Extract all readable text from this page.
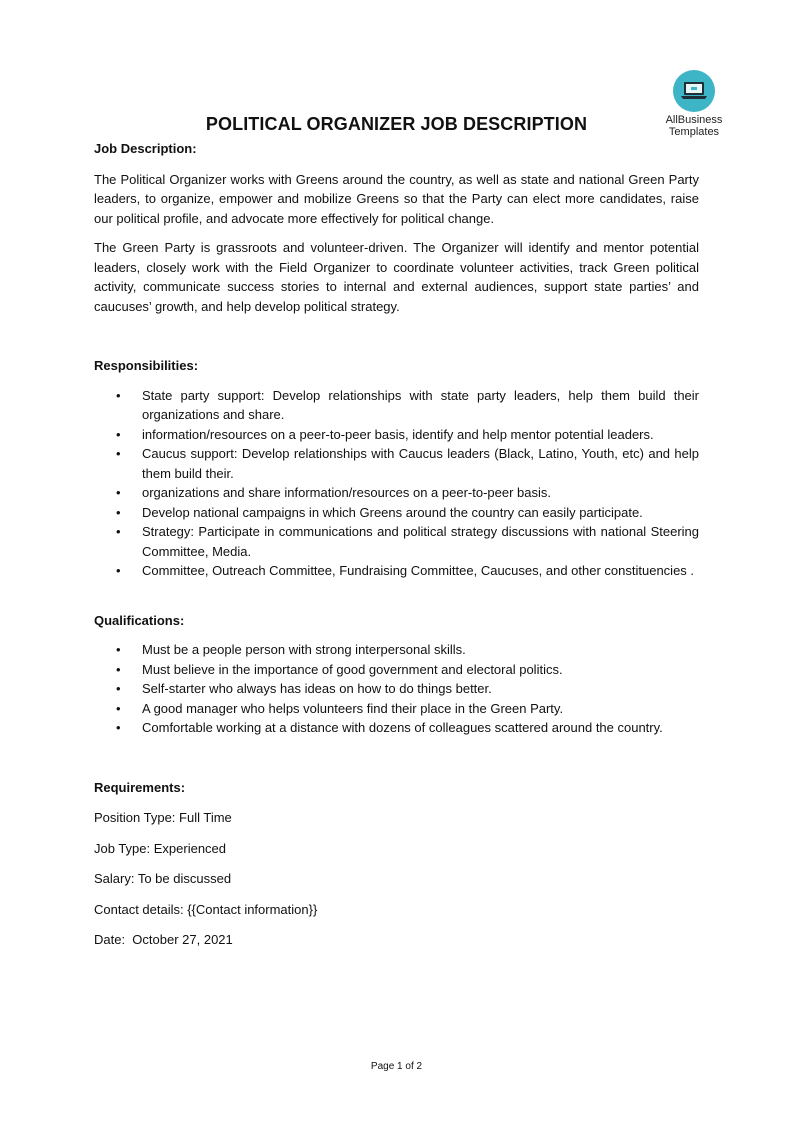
AllBusiness
Templates
POLITICAL ORGANIZER JOB DESCRIPTION

Job Description:

The Political Organizer works with Greens around the country, as well as state and national Green Party leaders, to organize, empower and mobilize Greens so that the Party can elect more candidates, raise our political profile, and advocate more effectively for political change.

The Green Party is grassroots and volunteer-driven. The Organizer will identify and mentor potential leaders, closely work with the Field Organizer to coordinate volunteer activities, track Green political activity, communicate success stories to internal and external audiences, support state parties’ and caucuses’ growth, and help develop political strategy.

Responsibilities:

• State party support: Develop relationships with state party leaders, help them build their organizations and share.
• information/resources on a peer-to-peer basis, identify and help mentor potential leaders.
• Caucus support: Develop relationships with Caucus leaders (Black, Latino, Youth, etc) and help them build their.
• organizations and share information/resources on a peer-to-peer basis.
• Develop national campaigns in which Greens around the country can easily participate.
• Strategy: Participate in communications and political strategy discussions with national Steering Committee, Media.
• Committee, Outreach Committee, Fundraising Committee, Caucuses, and other constituencies .

Qualifications:

• Must be a people person with strong interpersonal skills.
• Must believe in the importance of good government and electoral politics.
• Self-starter who always has ideas on how to do things better.
• A good manager who helps volunteers find their place in the Green Party.
• Comfortable working at a distance with dozens of colleagues scattered around the country.

Requirements:

Position Type: Full Time

Job Type: Experienced

Salary: To be discussed

Contact details: {{Contact information}}

Date:  October 27, 2021

Page 1 of 2
